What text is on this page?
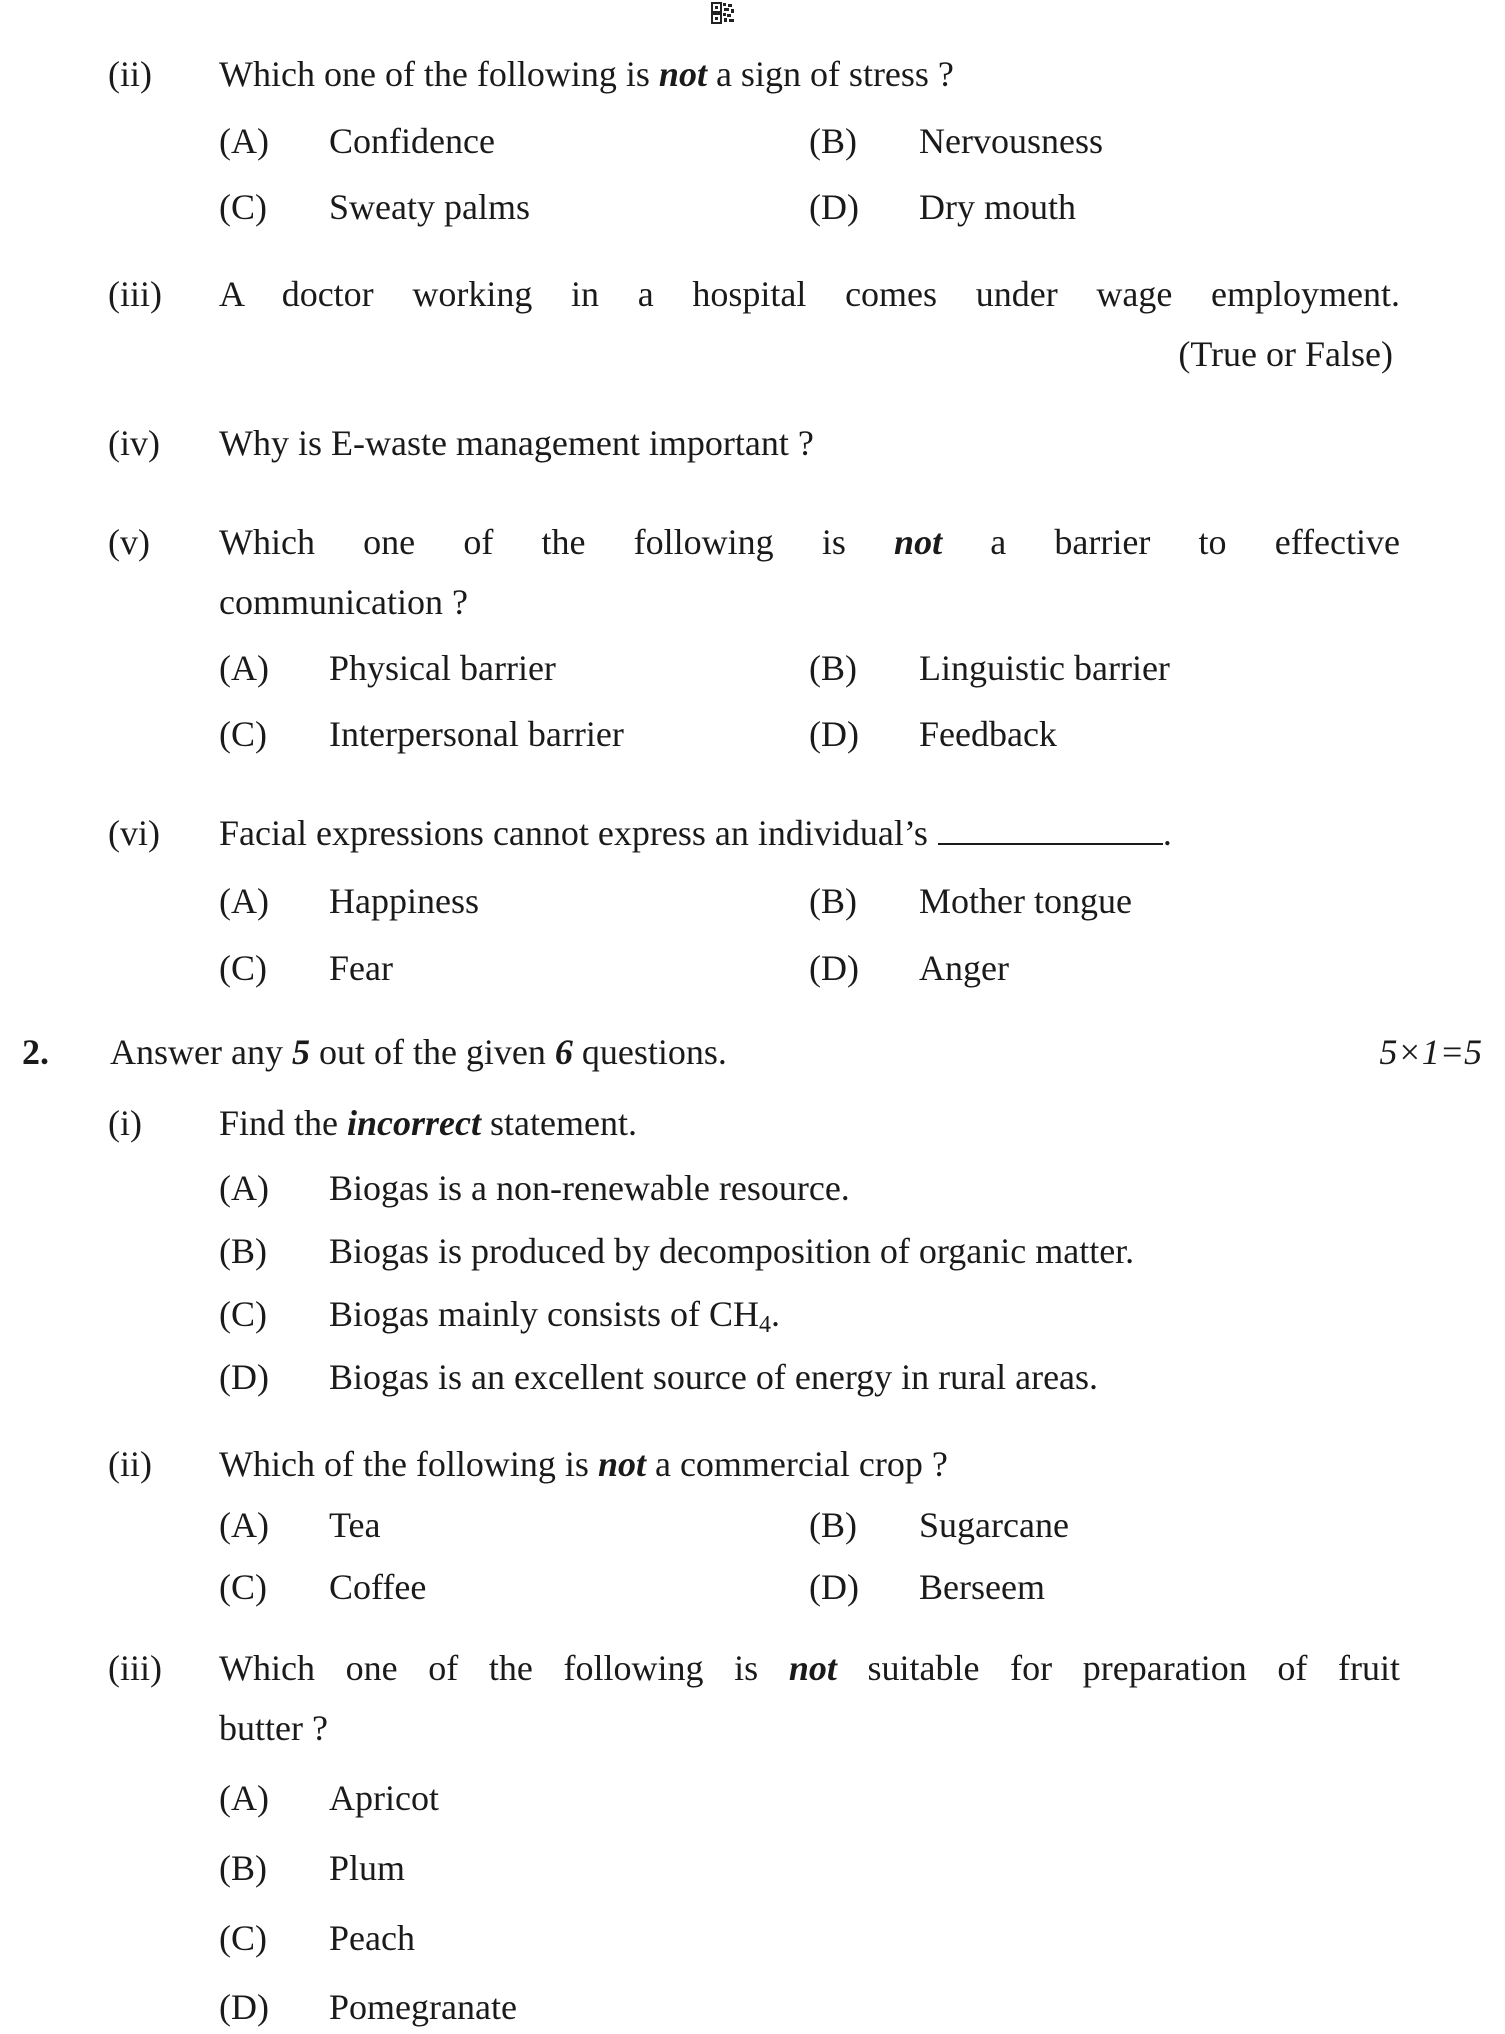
(ii) Which one of the following is not a sign of stress ?
(A) Confidence	(B) Nervousness
(C) Sweaty palms	(D) Dry mouth
(iii) A doctor working in a hospital comes under wage employment.
(True or False)
(iv) Why is E-waste management important ?
(v) Which one of the following is not a barrier to effective
communication ?
(A) Physical barrier	(B) Linguistic barrier
(C) Interpersonal barrier	(D) Feedback
(vi) Facial expressions cannot express an individual’s	.
(A) Happiness	(B) Mother tongue
(C) Fear	(D) Anger
2. Answer any 5 out of the given 6 questions.	5×1=5
(i) Find the incorrect statement.
(A) Biogas is a non-renewable resource.
(B) Biogas is produced by decomposition of organic matter.
(C) Biogas mainly consists of $CH_4$.
(D) Biogas is an excellent source of energy in rural areas.
(ii) Which of the following is not a commercial crop ?
(A) Tea	(B) Sugarcane
(C) Coffee	(D) Berseem
(iii) Which one of the following is not suitable for preparation of fruit
butter ?
(A) Apricot
(B) Plum
(C) Peach
(D) Pomegranate
